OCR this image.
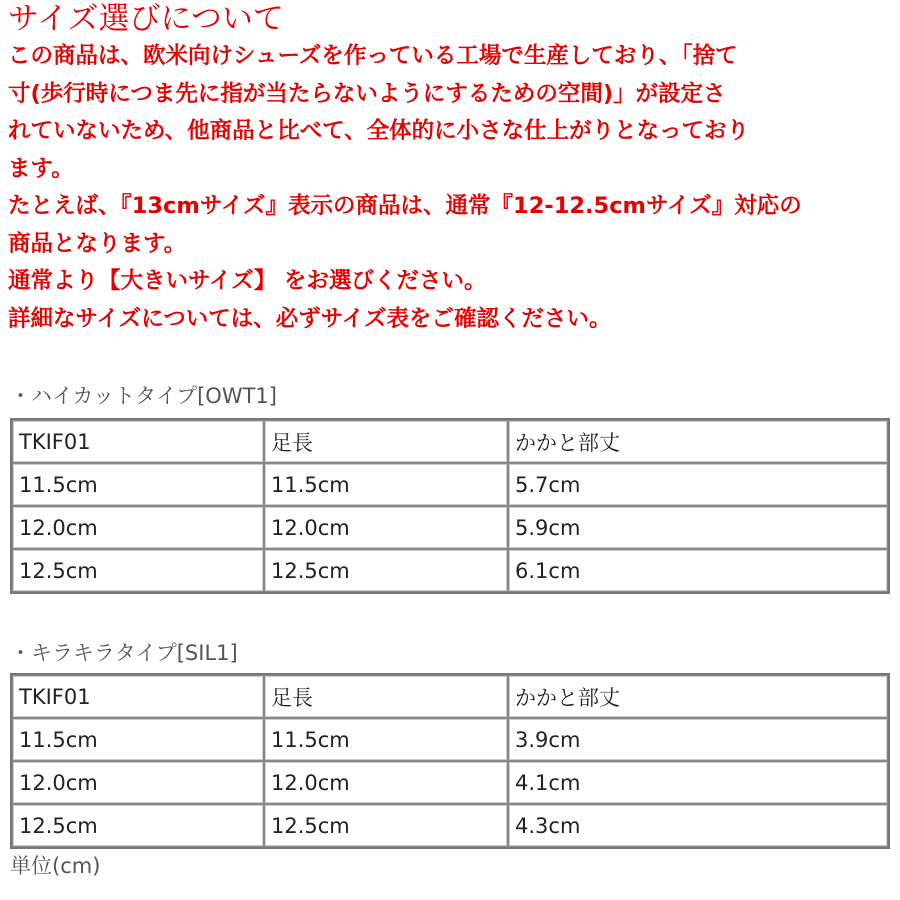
サイズ選びについて

この商品は、欧米向けシューズを作っている工場で生産しており、「捨て

寸(歩行時につま先に指が当たらないようにするための空間)」が設定さ

れていないため、他商品と比べて、全体的に小さな仕上がりとなっており

ます。

たとえば、『13cmサイズ』表示の商品は、通常『12-12.5cmサイズ』対応の

商品となります。

通常より【大きいサイズ】 をお選びください。

詳細なサイズについては、必ずサイズ表をご確認ください。

・ハイカットタイプ[OWT1]
TKIF01	足長	かかと部丈
11.5cm	11.5cm	5.7cm
12.0cm	12.0cm	5.9cm
12.5cm	12.5cm	6.1cm
・キラキラタイプ[SIL1]
TKIF01	足長	かかと部丈
11.5cm	11.5cm	3.9cm
12.0cm	12.0cm	4.1cm
12.5cm	12.5cm	4.3cm
単位(cm)
